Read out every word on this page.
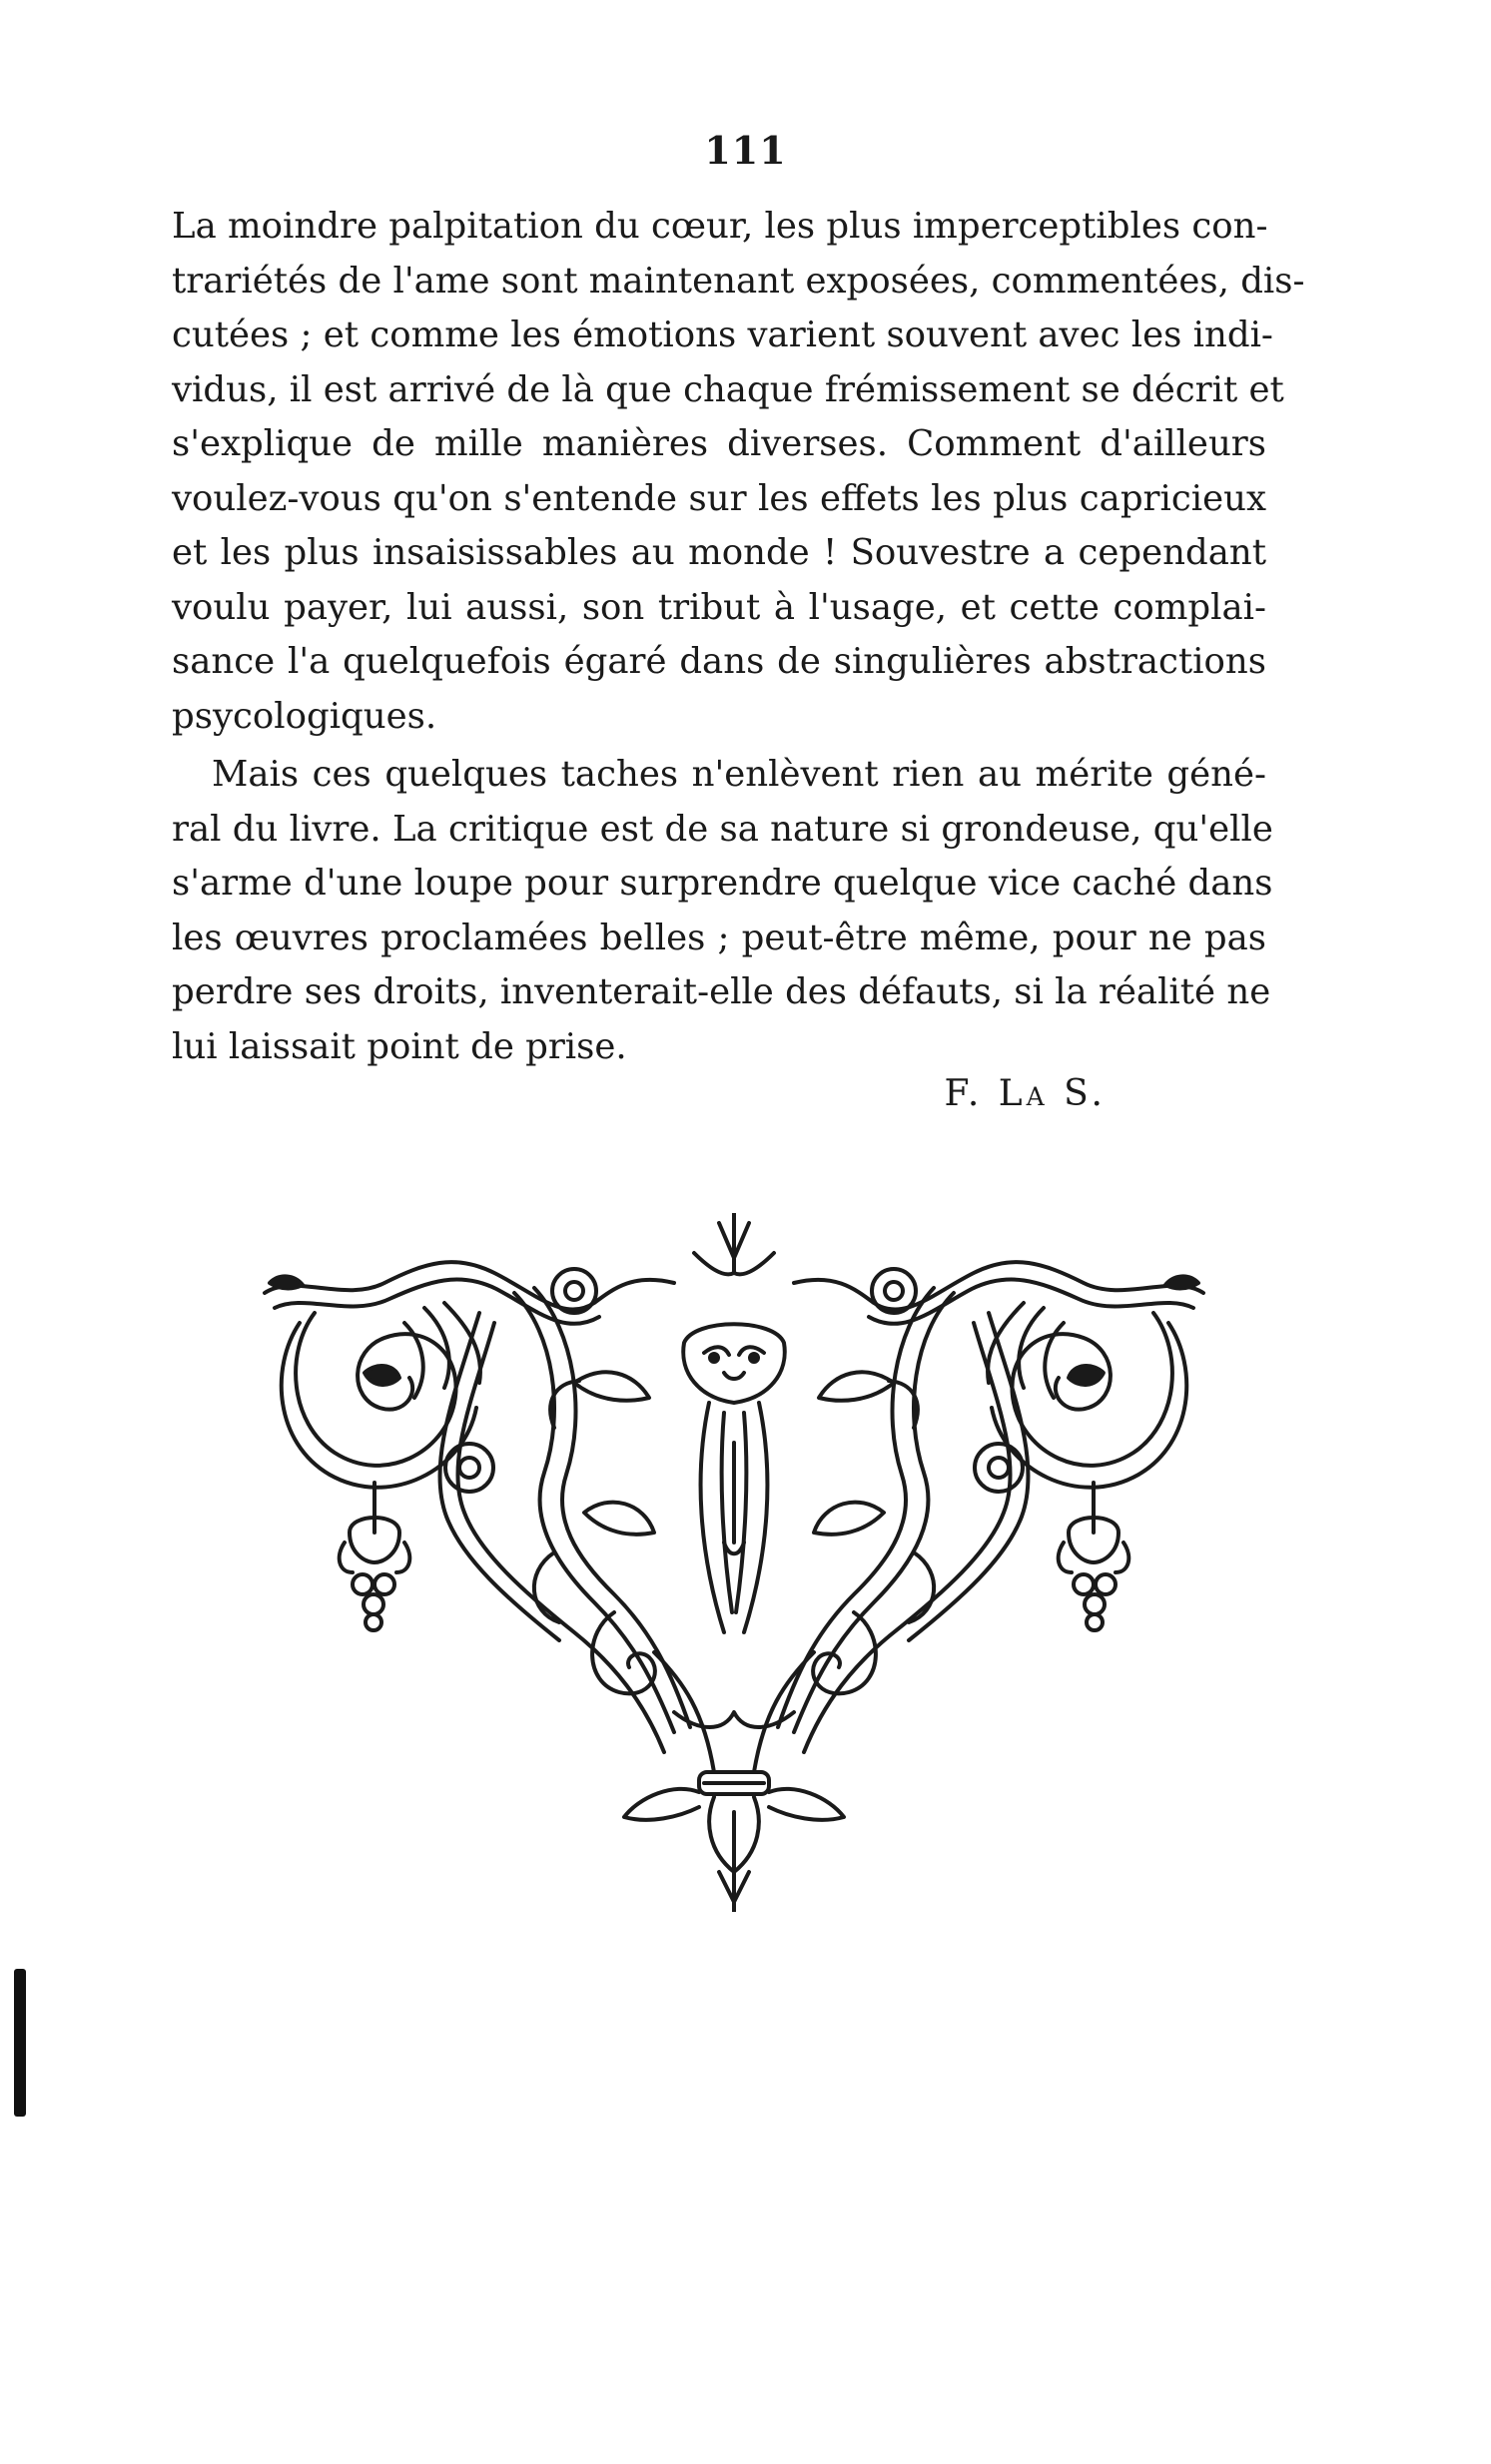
111
La moindre palpitation du cœur, les plus imperceptibles con-
trariétés de l'ame sont maintenant exposées, commentées, dis-
cutées ; et comme les émotions varient souvent avec les indi-
vidus, il est arrivé de là que chaque frémissement se décrit et
s'explique de mille manières diverses. Comment d'ailleurs
voulez-vous qu'on s'entende sur les effets les plus capricieux
et les plus insaisissables au monde ! Souvestre a cependant
voulu payer, lui aussi, son tribut à l'usage, et cette complai-
sance l'a quelquefois égaré dans de singulières abstractions
psycologiques.
Mais ces quelques taches n'enlèvent rien au mérite géné-
ral du livre. La critique est de sa nature si grondeuse, qu'elle
s'arme d'une loupe pour surprendre quelque vice caché dans
les œuvres proclamées belles ; peut-être même, pour ne pas
perdre ses droits, inventerait-elle des défauts, si la réalité ne
lui laissait point de prise.
F. La S.
